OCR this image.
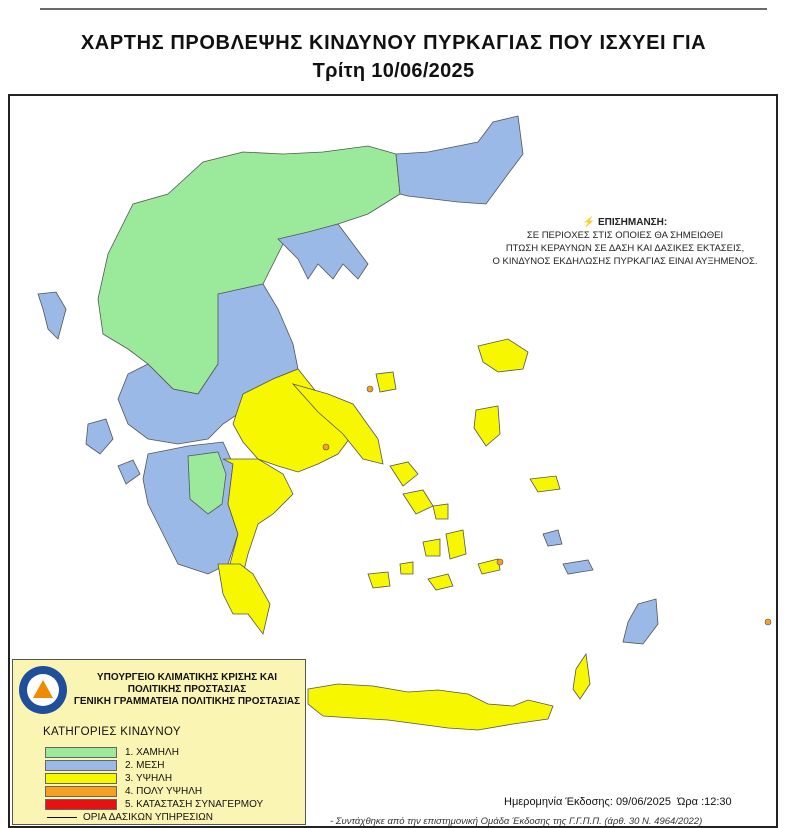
ΧΑΡΤΗΣ ΠΡΟΒΛΕΨΗΣ ΚΙΝΔΥΝΟΥ ΠΥΡΚΑΓΙΑΣ ΠΟΥ ΙΣΧΥΕΙ ΓΙΑ
Τρίτη 10/06/2025
⚡ ΕΠΙΣΗΜΑΝΣΗ:
ΣΕ ΠΕΡΙΟΧΕΣ ΣΤΙΣ ΟΠΟΙΕΣ ΘΑ ΣΗΜΕΙΩΘΕΙ
ΠΤΩΣΗ ΚΕΡΑΥΝΩΝ ΣΕ ΔΑΣΗ ΚΑΙ ΔΑΣΙΚΕΣ ΕΚΤΑΣΕΙΣ,
Ο ΚΙΝΔΥΝΟΣ ΕΚΔΗΛΩΣΗΣ ΠΥΡΚΑΓΙΑΣ ΕΙΝΑΙ ΑΥΞΗΜΕΝΟΣ.
ΥΠΟΥΡΓΕΙΟ ΚΛΙΜΑΤΙΚΗΣ ΚΡΙΣΗΣ ΚΑΙ
ΠΟΛΙΤΙΚΗΣ ΠΡΟΣΤΑΣΙΑΣ
ΓΕΝΙΚΗ ΓΡΑΜΜΑΤΕΙΑ ΠΟΛΙΤΙΚΗΣ ΠΡΟΣΤΑΣΙΑΣ
ΚΑΤΗΓΟΡΙΕΣ ΚΙΝΔΥΝΟΥ
1. ΧΑΜΗΛΗ
2. ΜΕΣΗ
3. ΥΨΗΛΗ
4. ΠΟΛΥ ΥΨΗΛΗ
5. ΚΑΤΑΣΤΑΣΗ ΣΥΝΑΓΕΡΜΟΥ
ΟΡΙΑ ΔΑΣΙΚΩΝ ΥΠΗΡΕΣΙΩΝ
Ημερομηνία Έκδοσης: 09/06/2025 Ώρα :12:30
- Συντάχθηκε από την επιστημονική Ομάδα Έκδοσης της Γ.Γ.Π.Π. (άρθ. 30 Ν. 4964/2022)
